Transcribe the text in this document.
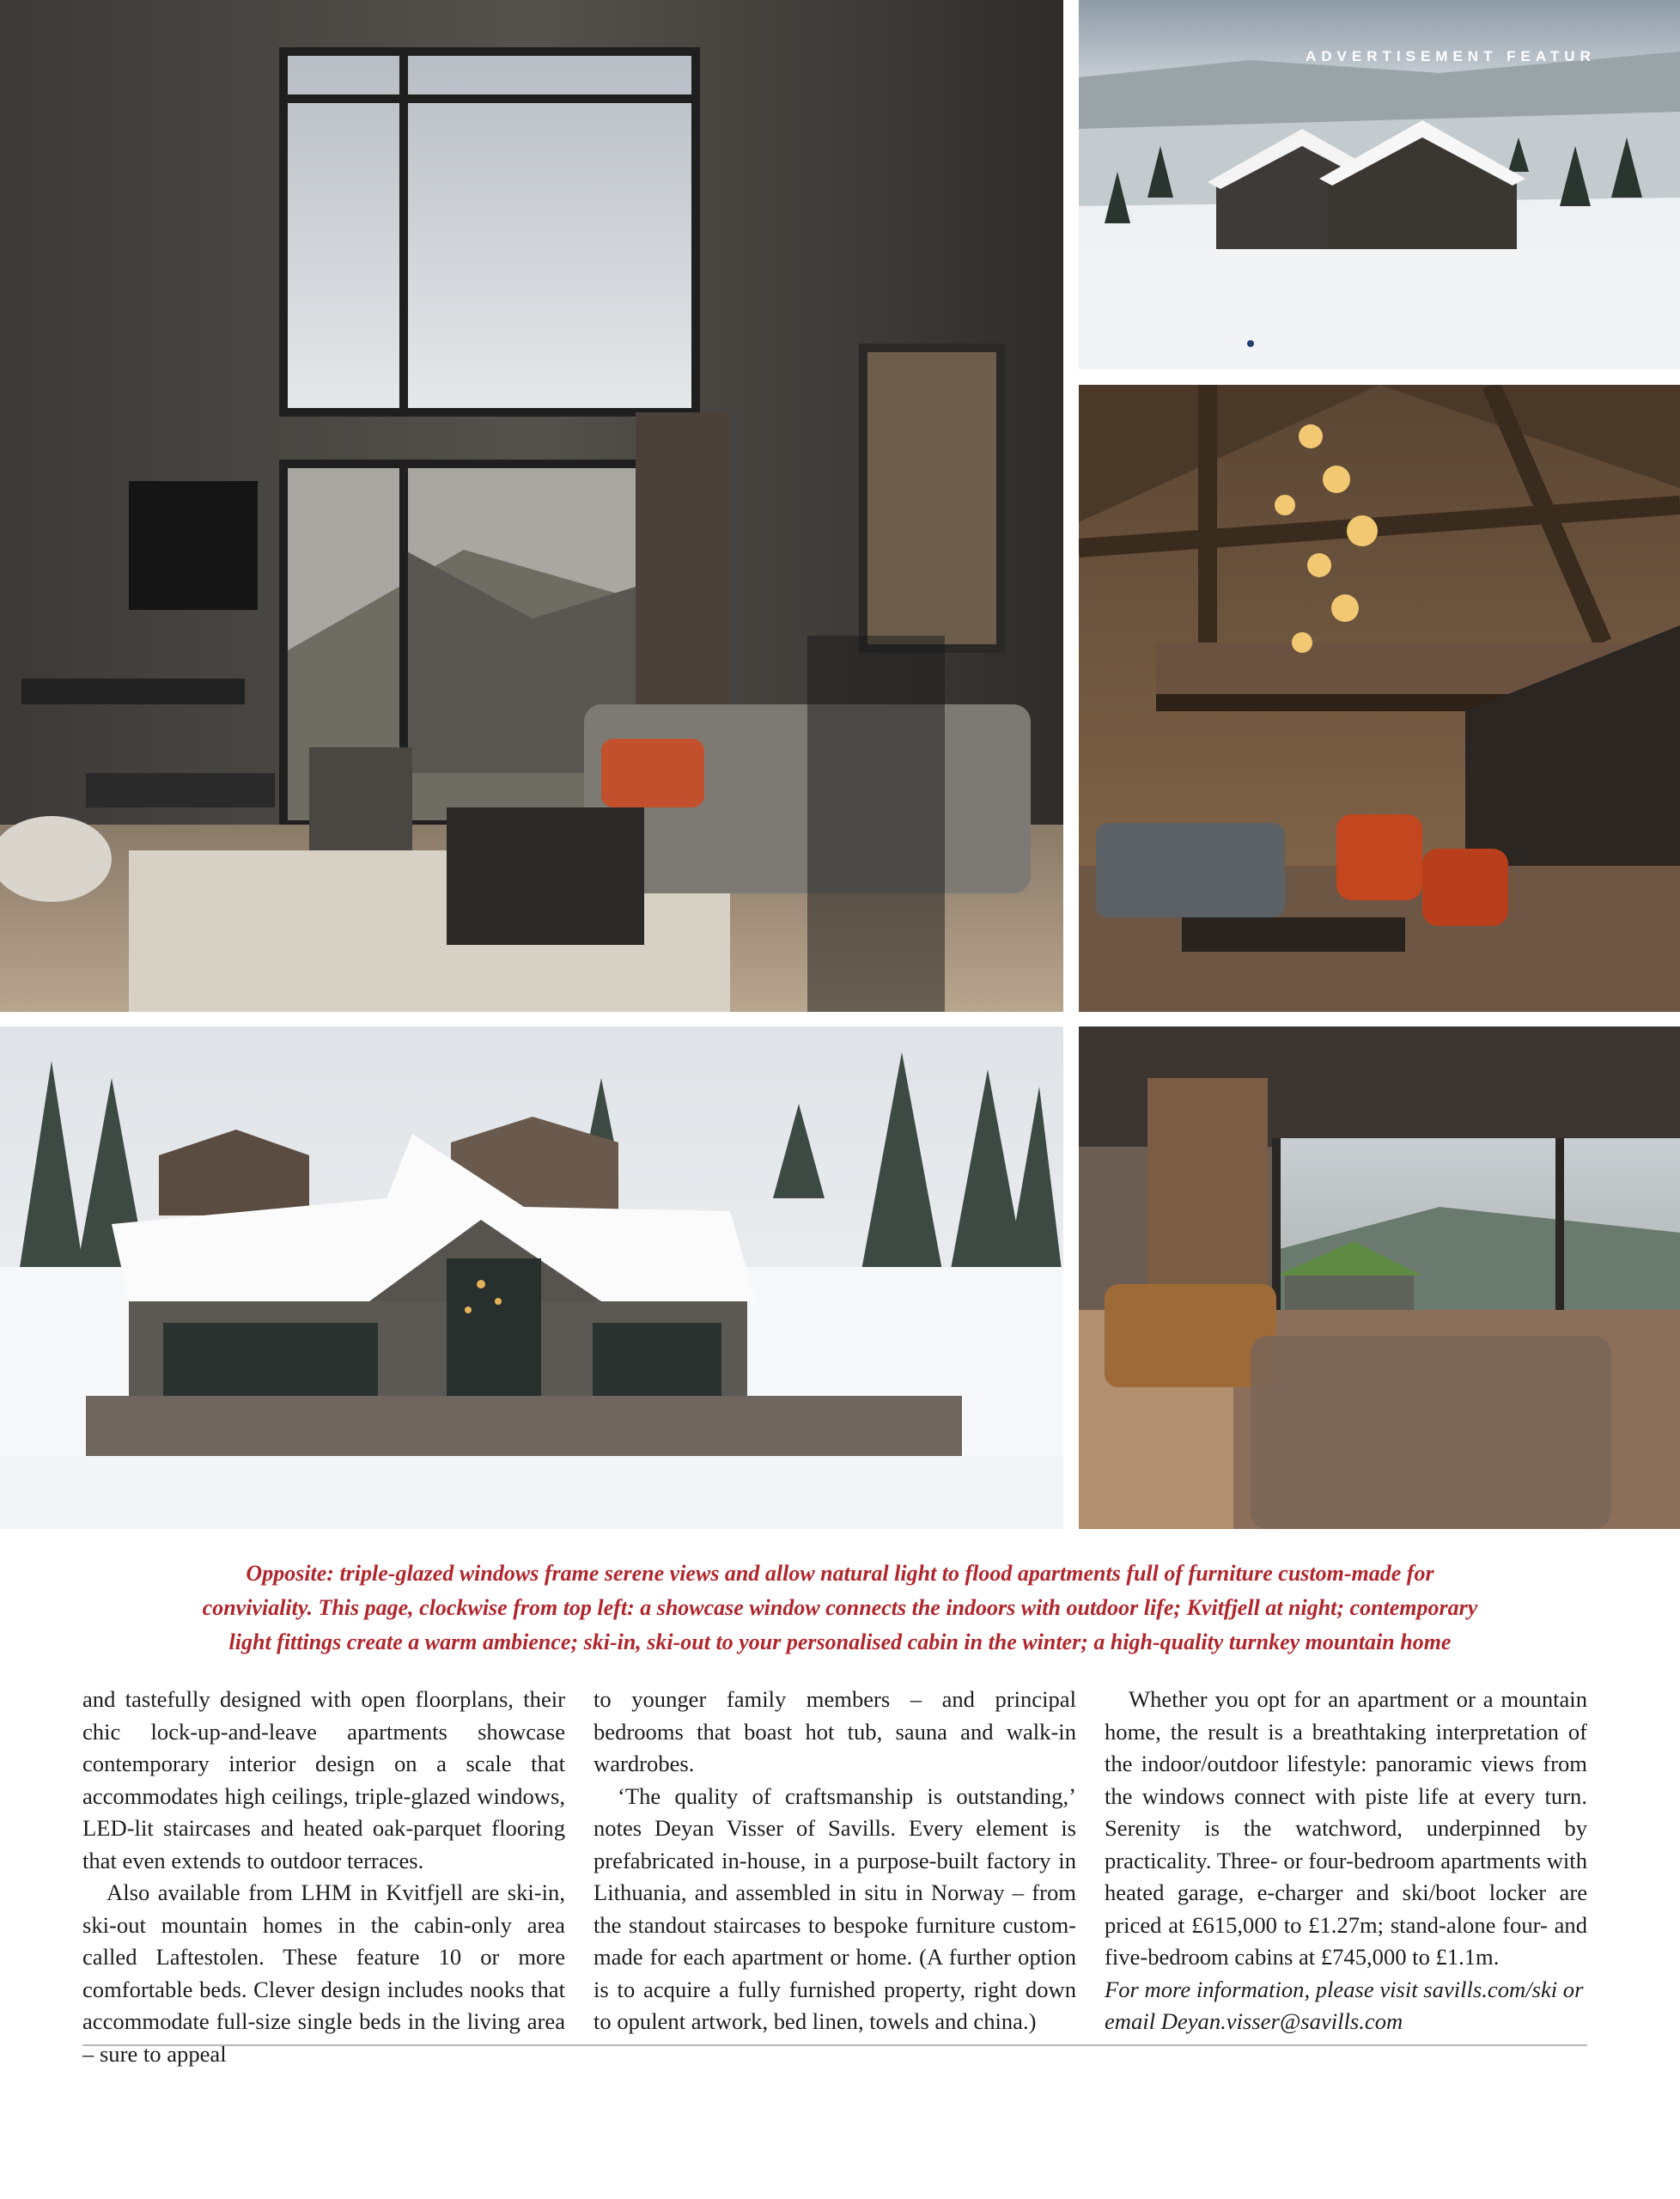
ADVERTISEMENT FEATUR
Opposite: triple-glazed windows frame serene views and allow natural light to flood apartments full of furniture custom-made for
conviviality. This page, clockwise from top left: a showcase window connects the indoors with outdoor life; Kvitfjell at night; contemporary
light fittings create a warm ambience; ski-in, ski-out to your personalised cabin in the winter; a high-quality turnkey mountain home

and tastefully designed with open floorplans, their chic lock-up-and-leave apartments showcase contemporary interior design on a scale that accommodates high ceilings, triple-glazed windows, LED-lit staircases and heated oak-parquet flooring that even extends to outdoor terraces.

Also available from LHM in Kvitfjell are ski-in, ski-out mountain homes in the cabin-only area called Laftestolen. These feature 10 or more comfortable beds. Clever design includes nooks that accommodate full-size single beds in the living area – sure to appeal

to younger family members – and principal bedrooms that boast hot tub, sauna and walk-in wardrobes.

‘The quality of craftsmanship is outstanding,’ notes Deyan Visser of Savills. Every element is prefabricated in-house, in a purpose-built factory in Lithuania, and assembled in situ in Norway – from the standout staircases to bespoke furniture custom-made for each apartment or home. (A further option is to acquire a fully furnished property, right down to opulent artwork, bed linen, towels and china.)

Whether you opt for an apartment or a mountain home, the result is a breathtaking interpretation of the indoor/outdoor lifestyle: panoramic views from the windows connect with piste life at every turn. Serenity is the watchword, underpinned by practicality. Three- or four-bedroom apartments with heated garage, e-charger and ski/boot locker are priced at £615,000 to £1.27m; stand-alone four- and five-bedroom cabins at £745,000 to £1.1m.

For more information, please visit savills.com/ski or email Deyan.visser@savills.com
